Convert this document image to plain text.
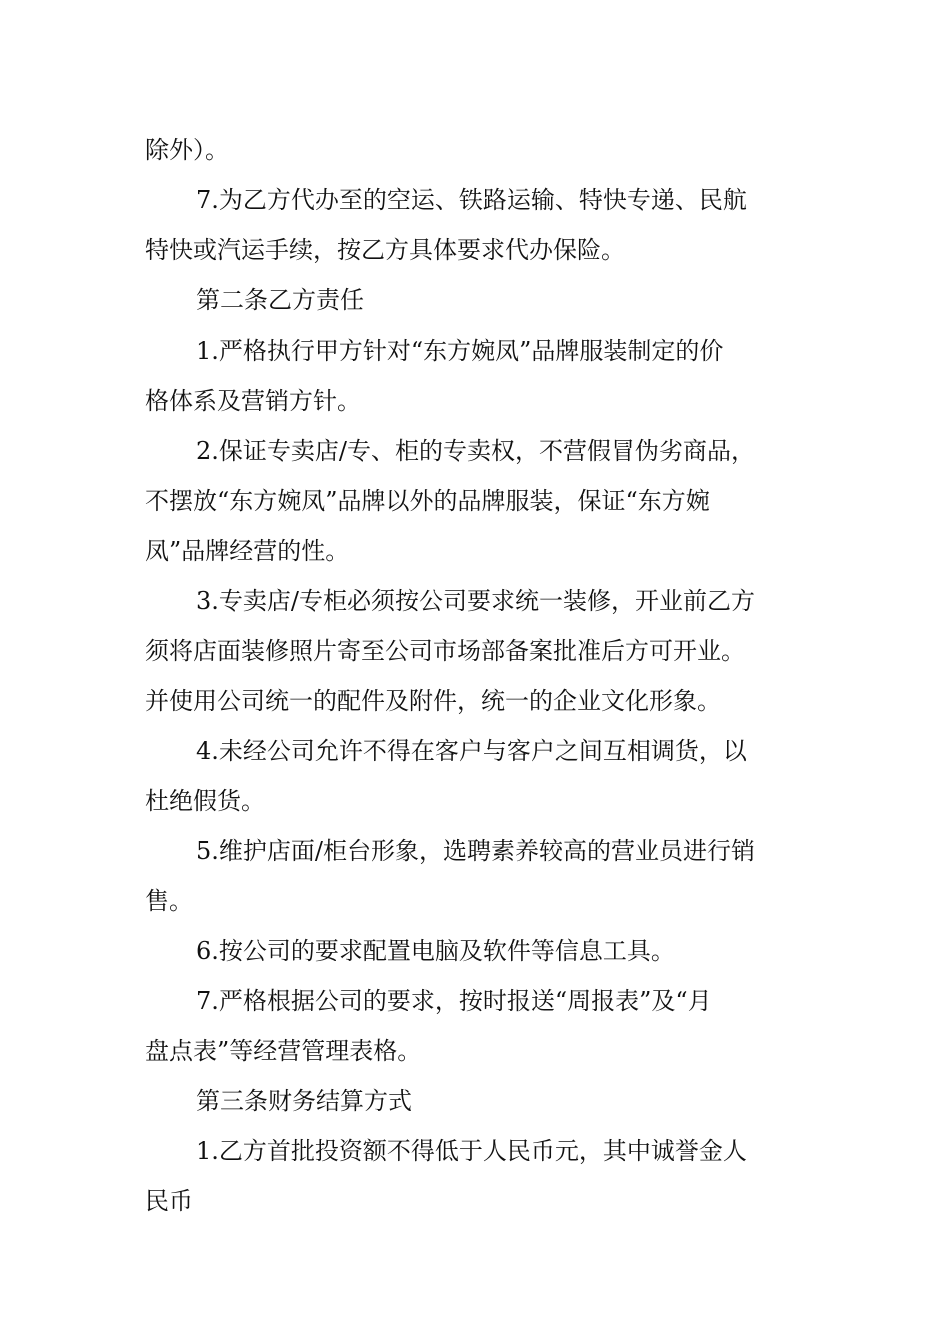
除外）。
7.为乙方代办至的空运、铁路运输、特快专递、民航
特快或汽运手续，按乙方具体要求代办保险。
第二条乙方责任
1.严格执行甲方针对“东方婉凤”品牌服装制定的价
格体系及营销方针。
2.保证专卖店/专、柜的专卖权，不营假冒伪劣商品，
不摆放“东方婉凤”品牌以外的品牌服装，保证“东方婉
凤”品牌经营的性。
3.专卖店/专柜必须按公司要求统一装修，开业前乙方
须将店面装修照片寄至公司市场部备案批准后方可开业。
并使用公司统一的配件及附件，统一的企业文化形象。
4.未经公司允许不得在客户与客户之间互相调货，以
杜绝假货。
5.维护店面/柜台形象，选聘素养较高的营业员进行销
售。
6.按公司的要求配置电脑及软件等信息工具。
7.严格根据公司的要求，按时报送“周报表”及“月
盘点表”等经营管理表格。
第三条财务结算方式
1.乙方首批投资额不得低于人民币元，其中诚誉金人
民币
